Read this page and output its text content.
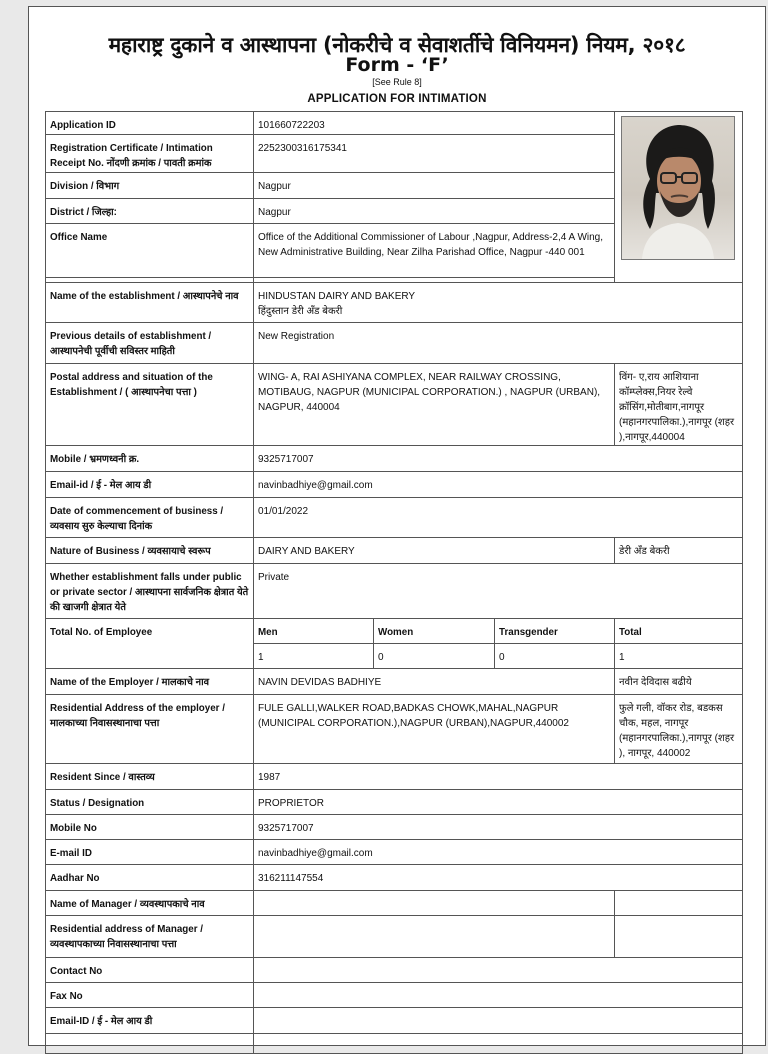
महाराष्ट्र दुकाने व आस्थापना (नोकरीचे व सेवाशर्तीचे विनियमन) नियम, २०१८
Form - ‘F’
[See Rule 8]
APPLICATION FOR INTIMATION
Application ID	101660722203	

Registration Certificate / Intimation Receipt No. नोंदणी क्रमांक / पावती क्रमांक	2252300316175341			
Division / विभाग	Nagpur			
District / जिल्हा:	Nagpur			
Office Name	Office of the Additional Commissioner of Labour ,Nagpur, Address-2,4 A Wing, New Administrative Building, Near Zilha Parishad Office, Nagpur -440 001			

Name of the establishment / आस्थापनेचे नाव	HINDUSTAN DAIRY AND BAKERY
हिंदुस्तान डेरी अँड बेकरी			
Previous details of establishment / आस्थापनेची पूर्वीची सविस्तर माहिती	New Registration			
Postal address and situation of the Establishment / ( आस्थापनेचा पत्ता )	WING- A, RAI ASHIYANA COMPLEX, NEAR RAILWAY CROSSING, MOTIBAUG, NAGPUR (MUNICIPAL CORPORATION.) , NAGPUR (URBAN), NAGPUR, 440004			विंग- ए,राय आशियाना कॉम्प्लेक्स,नियर रेल्वे क्रॉसिंग,मोतीबाग,नागपूर (महानगरपालिका.),नागपूर (शहर ),नागपूर,440004
Mobile / भ्रमणध्वनी क्र.	9325717007			
Email-id / ई - मेल आय डी	navinbadhiye@gmail.com			
Date of commencement of business / व्यवसाय सुरु केल्याचा दिनांक	01/01/2022			
Nature of Business / व्यवसायाचे स्वरूप	DAIRY AND BAKERY			डेरी अँड बेकरी
Whether establishment falls under public or private sector / आस्थापना सार्वजनिक क्षेत्रात येते की खाजगी क्षेत्रात येते	Private			
Total No. of Employee	Men	Women	Transgender	Total
	1	0	0	1
Name of the Employer / मालकाचे नाव	NAVIN DEVIDAS BADHIYE			नवीन देविदास बढीये
Residential Address of the employer / मालकाच्या निवासस्थानाचा पत्ता	FULE GALLI,WALKER ROAD,BADKAS CHOWK,MAHAL,NAGPUR (MUNICIPAL CORPORATION.),NAGPUR (URBAN),NAGPUR,440002			फुले गली, वॉकर रोड, बडकस चौक, महल, नागपूर (महानगरपालिका.),नागपूर (शहर ), नागपूर, 440002
Resident Since / वास्तव्य	1987			
Status / Designation	PROPRIETOR			
Mobile No	9325717007			
E-mail ID	navinbadhiye@gmail.com			
Aadhar No	316211147554			
Name of Manager / व्यवस्थापकाचे नाव				
Residential address of Manager / व्यवस्थापकाच्या निवासस्थानाचा पत्ता				
Contact No				
Fax No				
Email-ID / ई - मेल आय डी				
